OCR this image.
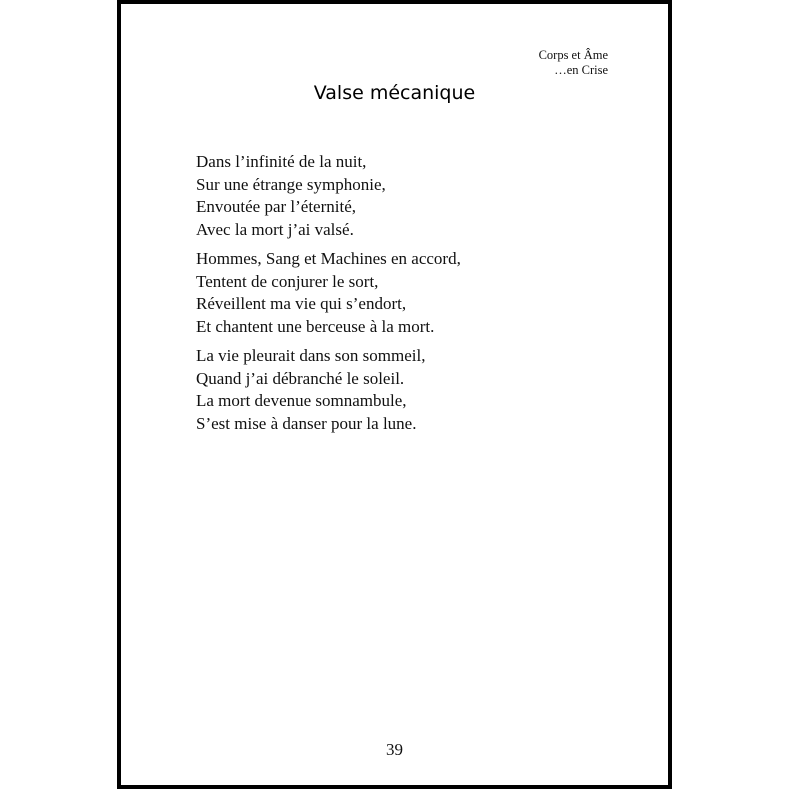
Corps et Âme
…en Crise
Valse mécanique
Dans l’infinité de la nuit,
Sur une étrange symphonie,
Envoutée par l’éternité,
Avec la mort j’ai valsé.
Hommes, Sang et Machines en accord,
Tentent de conjurer le sort,
Réveillent ma vie qui s’endort,
Et chantent une berceuse à la mort.
La vie pleurait dans son sommeil,
Quand j’ai débranché le soleil.
La mort devenue somnambule,
S’est mise à danser pour la lune.
39
